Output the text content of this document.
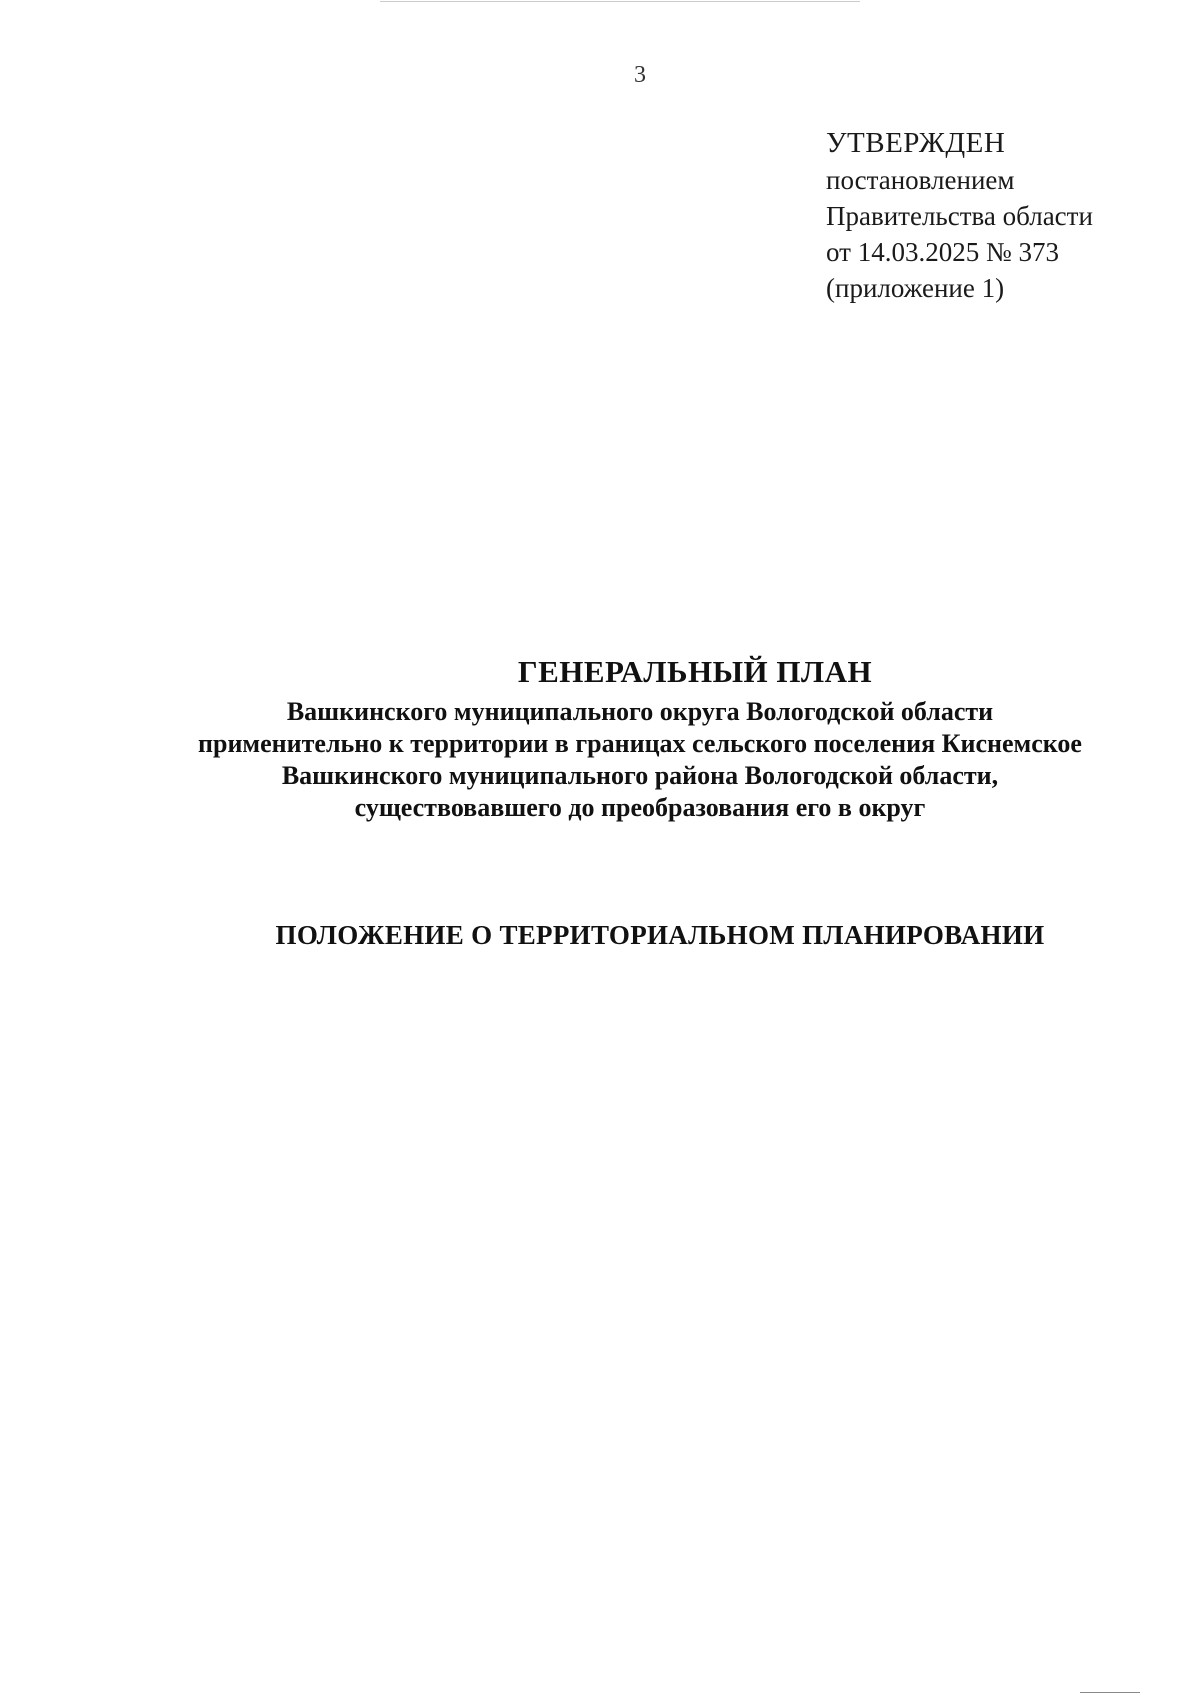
3
УТВЕРЖДЕН
постановлением
Правительства области
от 14.03.2025 № 373
(приложение 1)
ГЕНЕРАЛЬНЫЙ ПЛАН
Вашкинского муниципального округа Вологодской области
применительно к территории в границах сельского поселения Киснемское
Вашкинского муниципального района Вологодской области,
существовавшего до преобразования его в округ
ПОЛОЖЕНИЕ О ТЕРРИТОРИАЛЬНОМ ПЛАНИРОВАНИИ
